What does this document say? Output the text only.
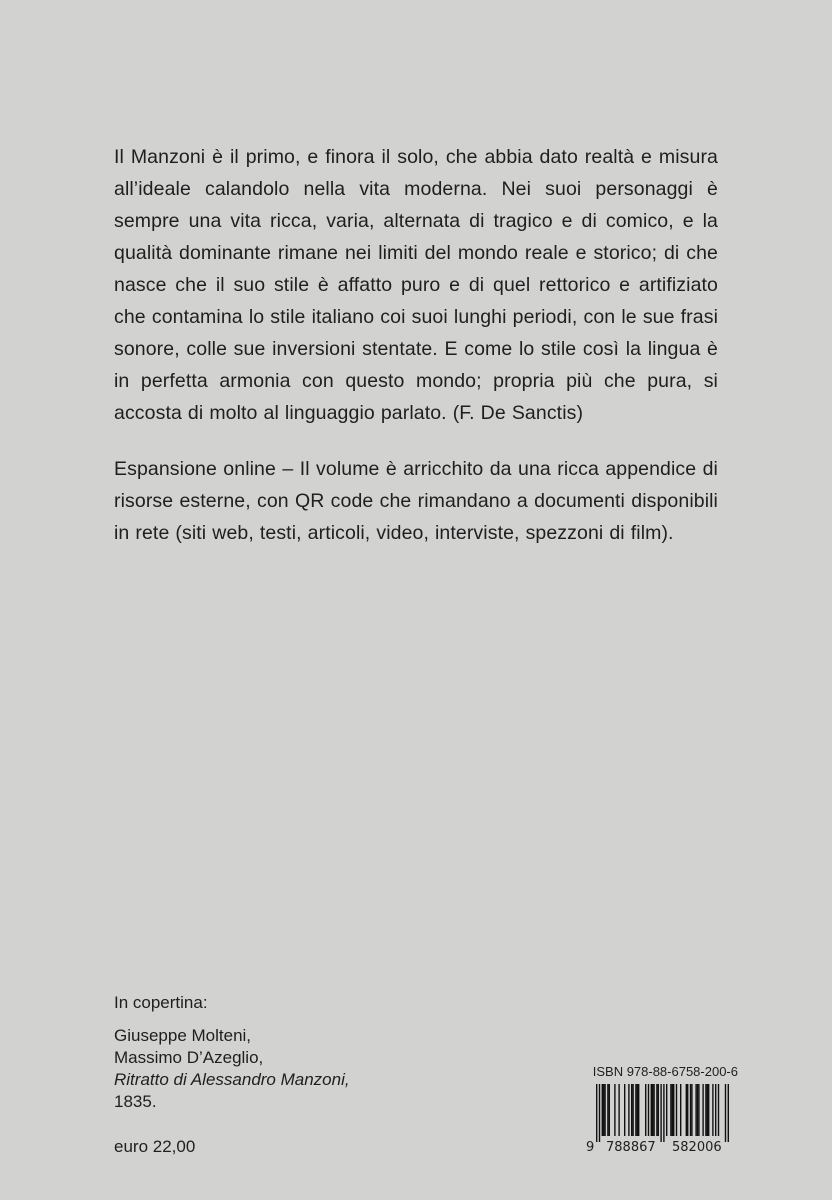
Il Manzoni è il primo, e finora il solo, che abbia dato realtà e misura all’ideale calandolo nella vita moderna. Nei suoi personaggi è sempre una vita ricca, varia, alternata di tragico e di comico, e la qualità dominante rimane nei limiti del mondo reale e storico; di che nasce che il suo stile è affatto puro e di quel rettorico e artifiziato che contamina lo stile italiano coi suoi lunghi periodi, con le sue frasi sonore, colle sue inversioni stentate. E come lo stile così la lingua è in perfetta armonia con questo mondo; propria più che pura, si accosta di molto al linguaggio parlato. (F. De Sanctis)

Espansione online – Il volume è arricchito da una ricca appendice di risorse esterne, con QR code che rimandano a documenti disponibili in rete (siti web, testi, articoli, video, interviste, spezzoni di film).

In copertina:

Giuseppe Molteni,
Massimo D’Azeglio,
Ritratto di Alessandro Manzoni,
1835.
euro 22,00
ISBN 978-88-6758-200-6
9 788867 582006
